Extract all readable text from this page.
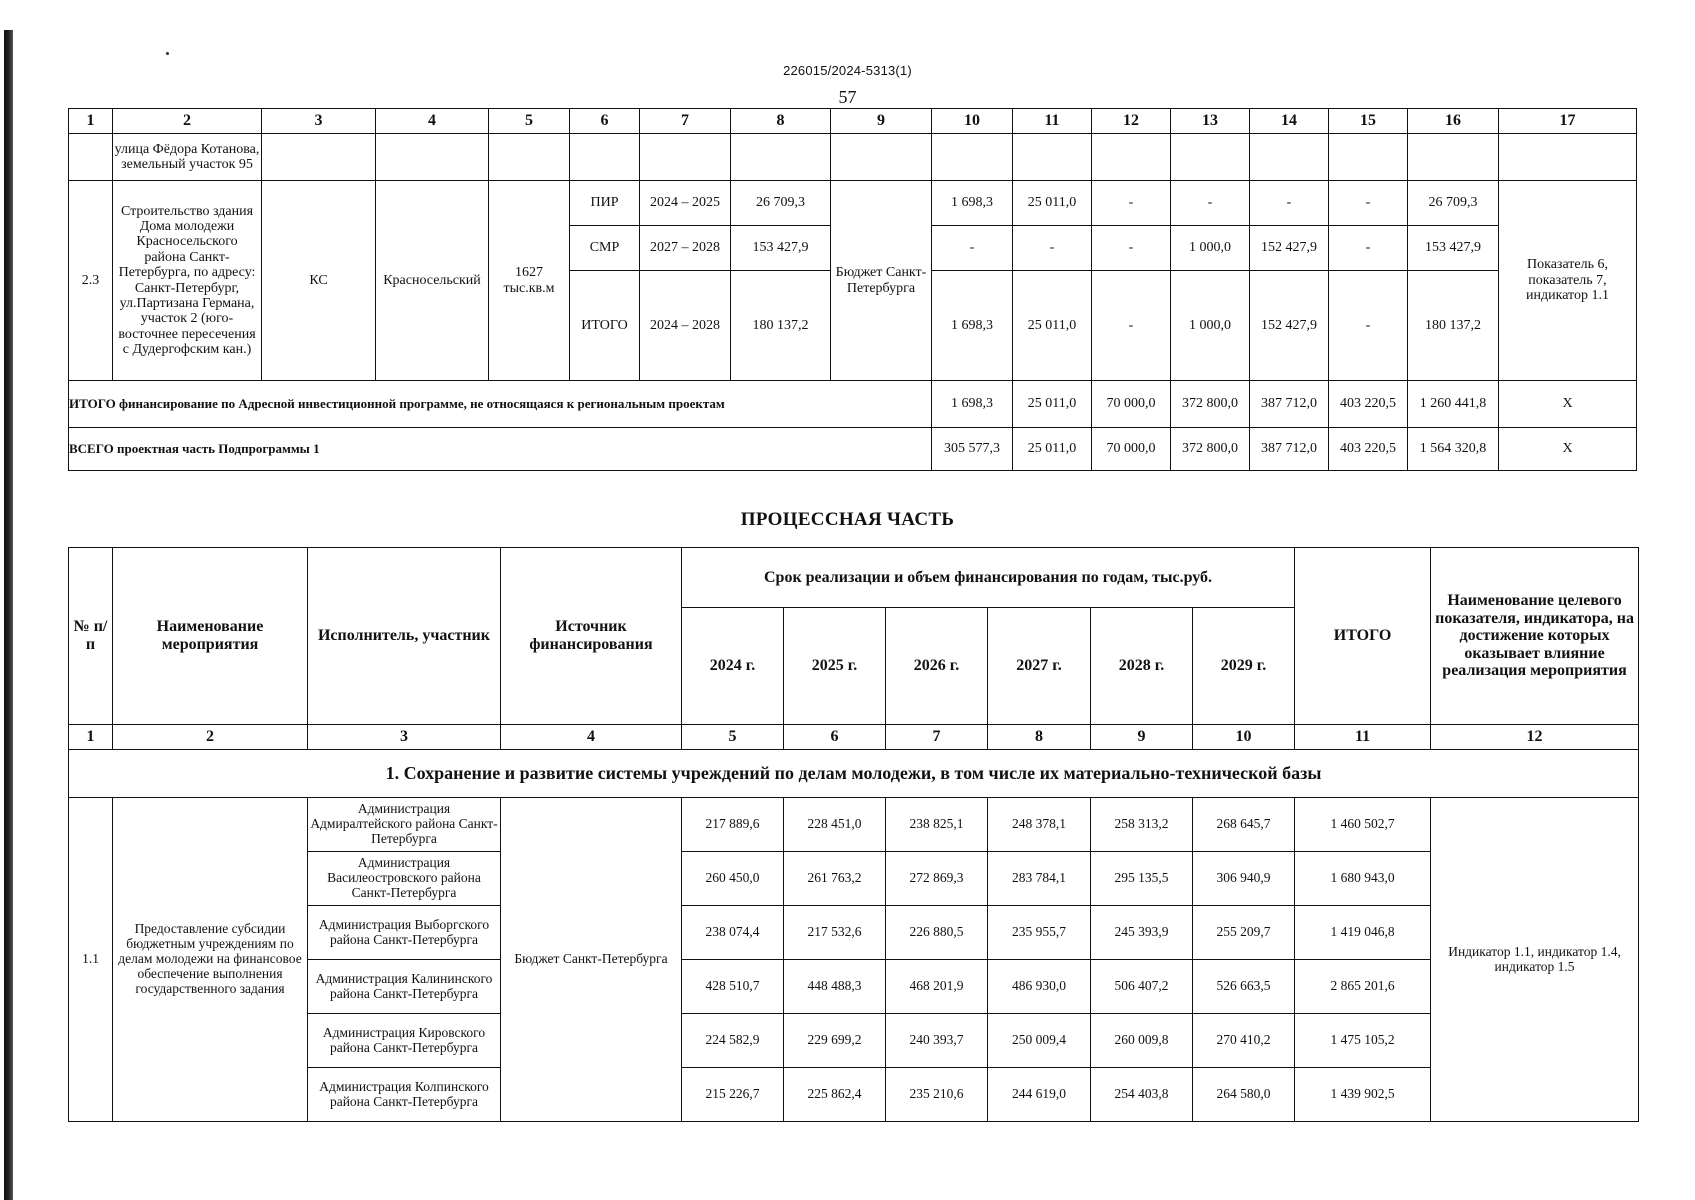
226015/2024-5313(1)
57
1	2	3	4	5	6	7	8	9	10	11	12	13	14	15	16	17
	улица Фёдора Котанова, земельный участок 95															
2.3	Строительство здания Дома молодежи Красносельского района Санкт-Петербурга, по адресу: Санкт-Петербург, ул.Партизана Германа, участок 2 (юго-восточнее пересечения с Дудергофским кан.)	КС	Красносельский	1627 тыс.кв.м	ПИР	2024 – 2025	26 709,3	Бюджет Санкт-Петербурга	1 698,3	25 011,0	-	-	-	-	26 709,3	Показатель 6, показатель 7, индикатор 1.1
					СМР	2027 – 2028	153 427,9		-	-	-	1 000,0	152 427,9	-	153 427,9	
					ИТОГО	2024 – 2028	180 137,2		1 698,3	25 011,0	-	1 000,0	152 427,9	-	180 137,2	
ИТОГО финансирование по Адресной инвестиционной программе, не относящаяся к региональным проектам									1 698,3	25 011,0	70 000,0	372 800,0	387 712,0	403 220,5	1 260 441,8	Х
ВСЕГО проектная часть Подпрограммы 1									305 577,3	25 011,0	70 000,0	372 800,0	387 712,0	403 220,5	1 564 320,8	Х
ПРОЦЕССНАЯ ЧАСТЬ
№ п/п	Наименование мероприятия	Исполнитель, участник	Источник финансирования	Срок реализации и объем финансирования по годам, тыс.руб.						ИТОГО	Наименование целевого показателя, индикатора, на достижение которых оказывает влияние реализация мероприятия
				2024 г.	2025 г.	2026 г.	2027 г.	2028 г.	2029 г.		
1	2	3	4	5	6	7	8	9	10	11	12
1. Сохранение и развитие системы учреждений по делам молодежи, в том числе их материально-технической базы											
1.1	Предоставление субсидии бюджетным учреждениям по делам молодежи на финансовое обеспечение выполнения государственного задания	Администрация Адмиралтейского района Санкт-Петербурга	Бюджет Санкт-Петербурга	217 889,6	228 451,0	238 825,1	248 378,1	258 313,2	268 645,7	1 460 502,7	Индикатор 1.1, индикатор 1.4, индикатор 1.5
		Администрация Василеостровского района Санкт-Петербурга		260 450,0	261 763,2	272 869,3	283 784,1	295 135,5	306 940,9	1 680 943,0	
		Администрация Выборгского района Санкт-Петербурга		238 074,4	217 532,6	226 880,5	235 955,7	245 393,9	255 209,7	1 419 046,8	
		Администрация Калининского района Санкт-Петербурга		428 510,7	448 488,3	468 201,9	486 930,0	506 407,2	526 663,5	2 865 201,6	
		Администрация Кировского района Санкт-Петербурга		224 582,9	229 699,2	240 393,7	250 009,4	260 009,8	270 410,2	1 475 105,2	
		Администрация Колпинского района Санкт-Петербурга		215 226,7	225 862,4	235 210,6	244 619,0	254 403,8	264 580,0	1 439 902,5	
